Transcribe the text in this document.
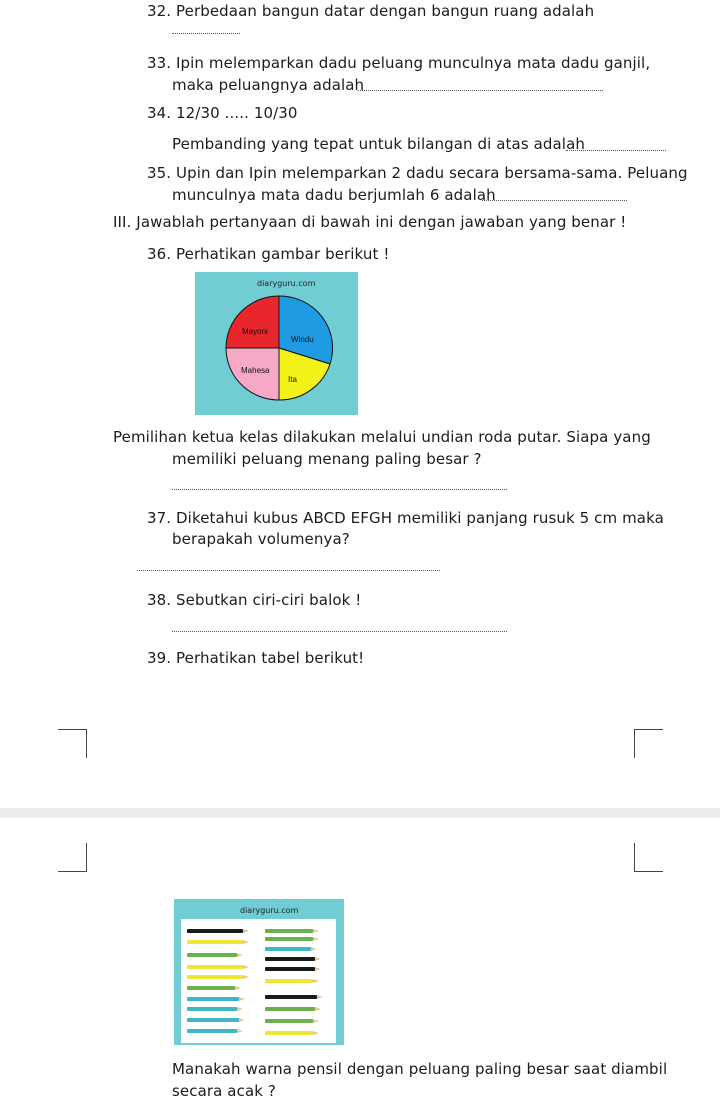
32. Perbedaan bangun datar dengan bangun ruang adalah
33. Ipin melemparkan dadu peluang munculnya mata dadu ganjil,
maka peluangnya adalah
34. 12/30 ..... 10/30
Pembanding yang tepat untuk bilangan di atas adalah
35. Upin dan Ipin melemparkan 2 dadu secara bersama-sama. Peluang
munculnya mata dadu berjumlah 6 adalah
III. Jawablah pertanyaan di bawah ini dengan jawaban yang benar !
36. Perhatikan gambar berikut !
diaryguru.com
Mayoni
Windu
Mahesa
Ita
Pemilihan ketua kelas dilakukan melalui undian roda putar. Siapa yang
memiliki peluang menang paling besar ?
37. Diketahui kubus ABCD EFGH memiliki panjang rusuk 5 cm maka
berapakah volumenya?
38. Sebutkan ciri-ciri balok !
39. Perhatikan tabel berikut!
diaryguru.com
Manakah warna pensil dengan peluang paling besar saat diambil
secara acak ?
